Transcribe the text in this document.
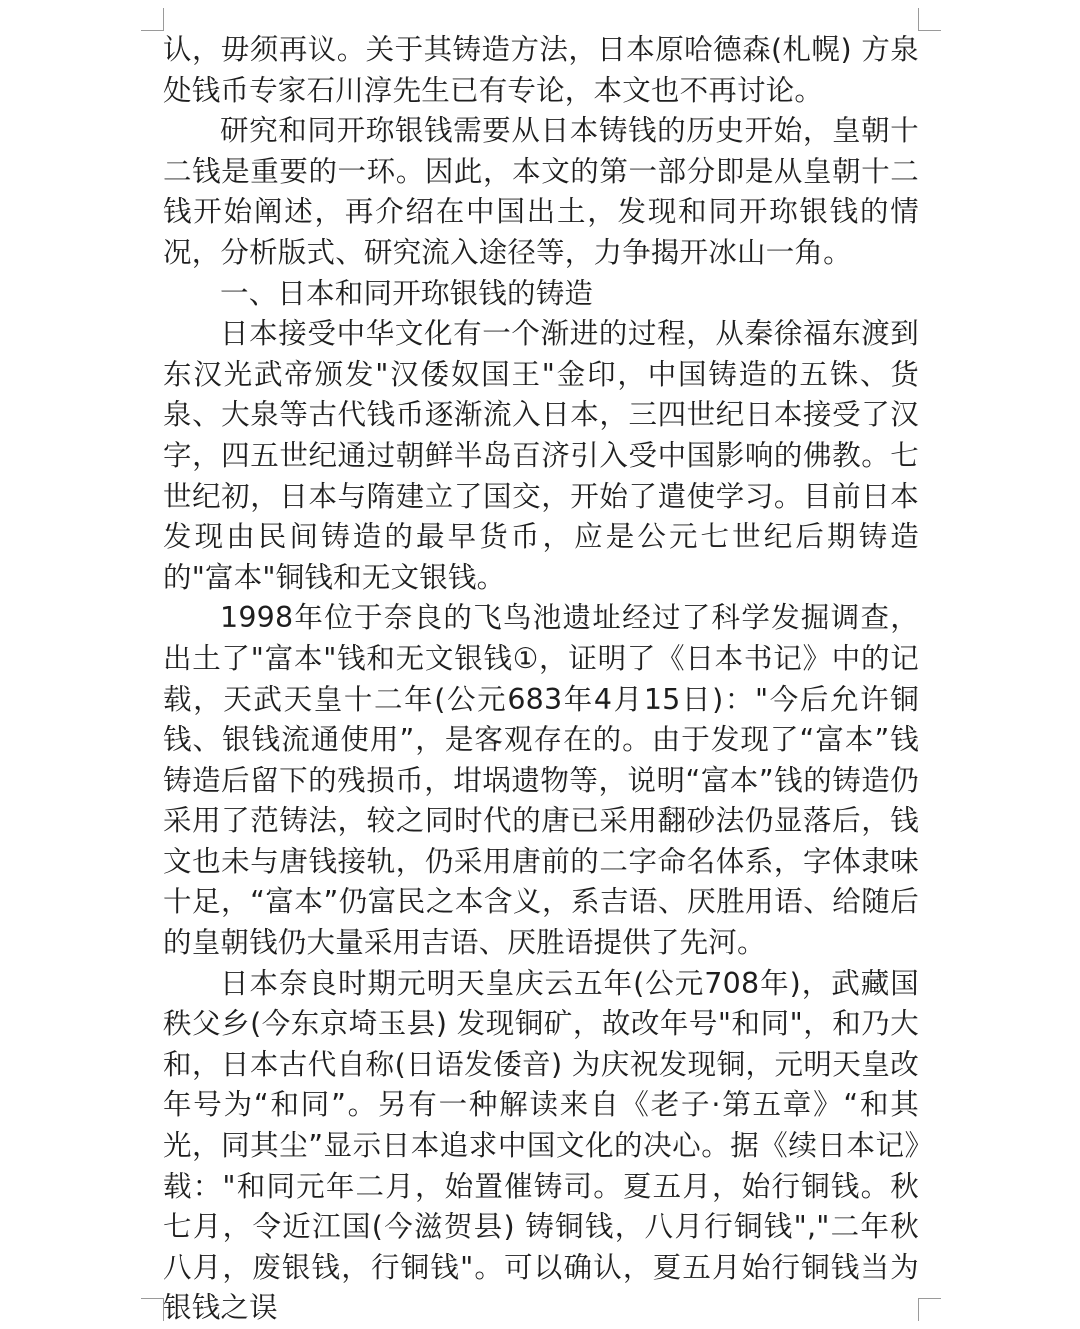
认，毋须再议。关于其铸造方法，日本原哈德森(札幌) 方泉处钱币专家石川淳先生已有专论，本文也不再讨论。

研究和同开珎银钱需要从日本铸钱的历史开始，皇朝十二钱是重要的一环。因此，本文的第一部分即是从皇朝十二钱开始阐述，再介绍在中国出土，发现和同开珎银钱的情况，分析版式、研究流入途径等，力争揭开冰山一角。

一、日本和同开珎银钱的铸造

日本接受中华文化有一个渐进的过程，从秦徐福东渡到东汉光武帝颁发"汉倭奴国王"金印，中国铸造的五铢、货泉、大泉等古代钱币逐渐流入日本，三四世纪日本接受了汉字，四五世纪通过朝鲜半岛百济引入受中国影响的佛教。七世纪初，日本与隋建立了国交，开始了遣使学习。目前日本发现由民间铸造的最早货币，应是公元七世纪后期铸造的"富本"铜钱和无文银钱。

1998年位于奈良的飞鸟池遗址经过了科学发掘调查，出土了"富本"钱和无文银钱①，证明了《日本书记》中的记载，天武天皇十二年(公元683年4月15日)："今后允许铜钱、银钱流通使用”，是客观存在的。由于发现了“富本”钱铸造后留下的残损币，坩埚遗物等，说明“富本”钱的铸造仍采用了范铸法，较之同时代的唐已采用翻砂法仍显落后，钱文也未与唐钱接轨，仍采用唐前的二字命名体系，字体隶味十足，“富本”仍富民之本含义，系吉语、厌胜用语、给随后的皇朝钱仍大量采用吉语、厌胜语提供了先河。

日本奈良时期元明天皇庆云五年(公元708年)，武藏国秩父乡(今东京埼玉县) 发现铜矿，故改年号"和同"，和乃大和，日本古代自称(日语发倭音) 为庆祝发现铜，元明天皇改年号为“和同”。另有一种解读来自《老子·第五章》“和其光，同其尘”显示日本追求中国文化的决心。据《续日本记》载："和同元年二月，始置催铸司。夏五月，始行铜钱。秋七月，令近江国(今滋贺县) 铸铜钱，八月行铜钱","二年秋八月，废银钱，行铜钱"。可以确认，夏五月始行铜钱当为银钱之误
